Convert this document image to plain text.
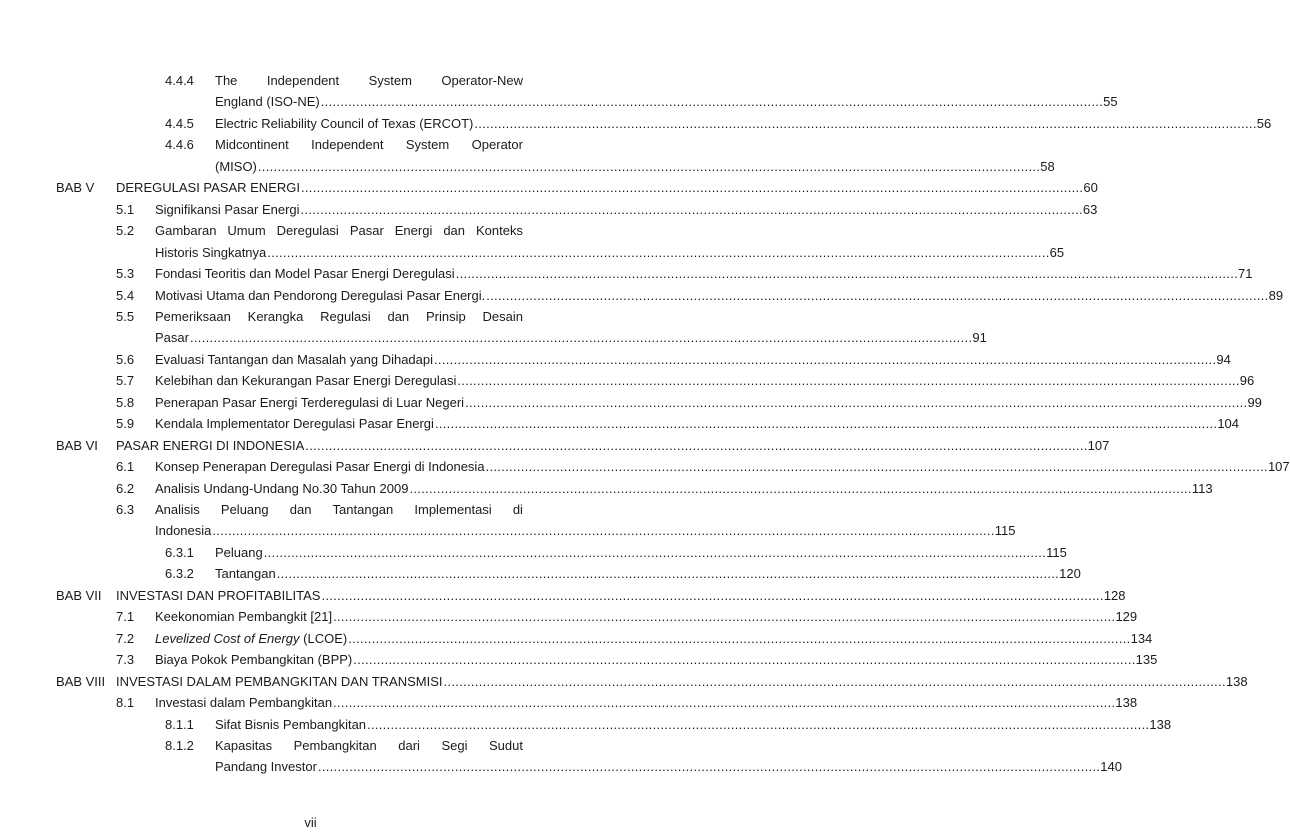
4.4.4 The Independent System Operator-New
England (ISO-NE) ........................................................................................................................................................................................................ 55
4.4.5 Electric Reliability Council of Texas (ERCOT) ........................................................................................................................................................................................................ 56
4.4.6 Midcontinent Independent System Operator
(MISO) ........................................................................................................................................................................................................ 58
BAB V DEREGULASI PASAR ENERGI ........................................................................................................................................................................................................ 60
5.1 Signifikansi Pasar Energi ........................................................................................................................................................................................................ 63
5.2 Gambaran Umum Deregulasi Pasar Energi dan Konteks
Historis Singkatnya ........................................................................................................................................................................................................ 65
5.3 Fondasi Teoritis dan Model Pasar Energi Deregulasi ........................................................................................................................................................................................................ 71
5.4 Motivasi Utama dan Pendorong Deregulasi Pasar Energi. ........................................................................................................................................................................................................ 89
5.5 Pemeriksaan Kerangka Regulasi dan Prinsip Desain
Pasar ........................................................................................................................................................................................................ 91
5.6 Evaluasi Tantangan dan Masalah yang Dihadapi ........................................................................................................................................................................................................ 94
5.7 Kelebihan dan Kekurangan Pasar Energi Deregulasi ........................................................................................................................................................................................................ 96
5.8 Penerapan Pasar Energi Terderegulasi di Luar Negeri ........................................................................................................................................................................................................ 99
5.9 Kendala Implementator Deregulasi Pasar Energi ........................................................................................................................................................................................................ 104
BAB VI PASAR ENERGI DI INDONESIA ........................................................................................................................................................................................................ 107
6.1 Konsep Penerapan Deregulasi Pasar Energi di Indonesia ........................................................................................................................................................................................................ 107
6.2 Analisis Undang-Undang No.30 Tahun 2009 ........................................................................................................................................................................................................ 113
6.3 Analisis Peluang dan Tantangan Implementasi di
Indonesia ........................................................................................................................................................................................................ 115
6.3.1 Peluang ........................................................................................................................................................................................................ 115
6.3.2 Tantangan ........................................................................................................................................................................................................ 120
BAB VII INVESTASI DAN PROFITABILITAS ........................................................................................................................................................................................................ 128
7.1 Keekonomian Pembangkit [21] ........................................................................................................................................................................................................ 129
7.2 Levelized Cost of Energy (LCOE) ........................................................................................................................................................................................................ 134
7.3 Biaya Pokok Pembangkitan (BPP) ........................................................................................................................................................................................................ 135
BAB VIII INVESTASI DALAM PEMBANGKITAN DAN TRANSMISI ........................................................................................................................................................................................................ 138
8.1 Investasi dalam Pembangkitan ........................................................................................................................................................................................................ 138
8.1.1 Sifat Bisnis Pembangkitan ........................................................................................................................................................................................................ 138
8.1.2 Kapasitas Pembangkitan dari Segi Sudut
Pandang Investor ........................................................................................................................................................................................................ 140
vii
